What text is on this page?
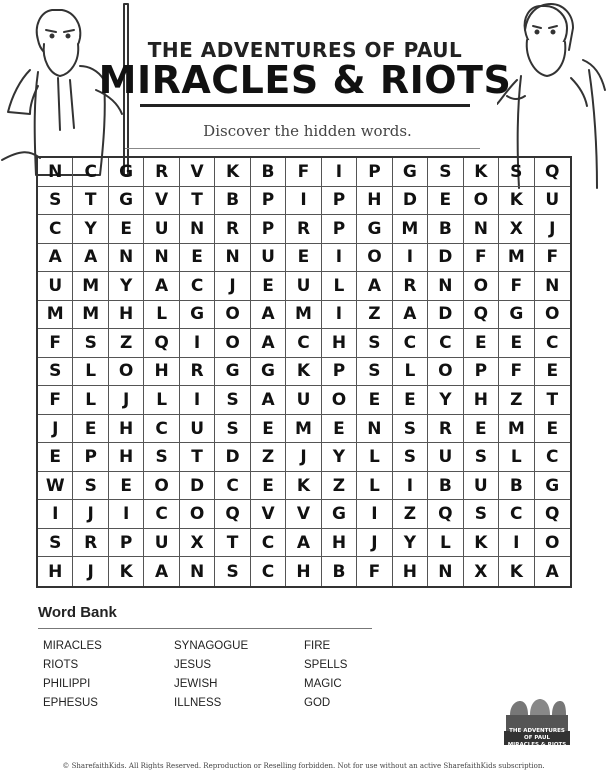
THE ADVENTURES OF PAUL
MIRACLES & RIOTS
Discover the hidden words.
N	C	G	R	V	K	B	F	I	P	G	S	K	S	Q
S	T	G	V	T	B	P	I	P	H	D	E	O	K	U
C	Y	E	U	N	R	P	R	P	G	M	B	N	X	J
A	A	N	N	E	N	U	E	I	O	I	D	F	M	F
U	M	Y	A	C	J	E	U	L	A	R	N	O	F	N
M	M	H	L	G	O	A	M	I	Z	A	D	Q	G	O
F	S	Z	Q	I	O	A	C	H	S	C	C	E	E	C
S	L	O	H	R	G	G	K	P	S	L	O	P	F	E
F	L	J	L	I	S	A	U	O	E	E	Y	H	Z	T
J	E	H	C	U	S	E	M	E	N	S	R	E	M	E
E	P	H	S	T	D	Z	J	Y	L	S	U	S	L	C
W	S	E	O	D	C	E	K	Z	L	I	B	U	B	G
I	J	I	C	O	Q	V	V	G	I	Z	Q	S	C	Q
S	R	P	U	X	T	C	A	H	J	Y	L	K	I	O
H	J	K	A	N	S	C	H	B	F	H	N	X	K	A
Word Bank
MIRACLES
RIOTS
PHILIPPI
EPHESUS
SYNAGOGUE
JESUS
JEWISH
ILLNESS
FIRE
SPELLS
MAGIC
GOD
THE ADVENTURES OF PAUL
MIRACLES & RIOTS
© SharefaithKids. All Rights Reserved. Reproduction or Reselling forbidden. Not for use without an active SharefaithKids subscription.
